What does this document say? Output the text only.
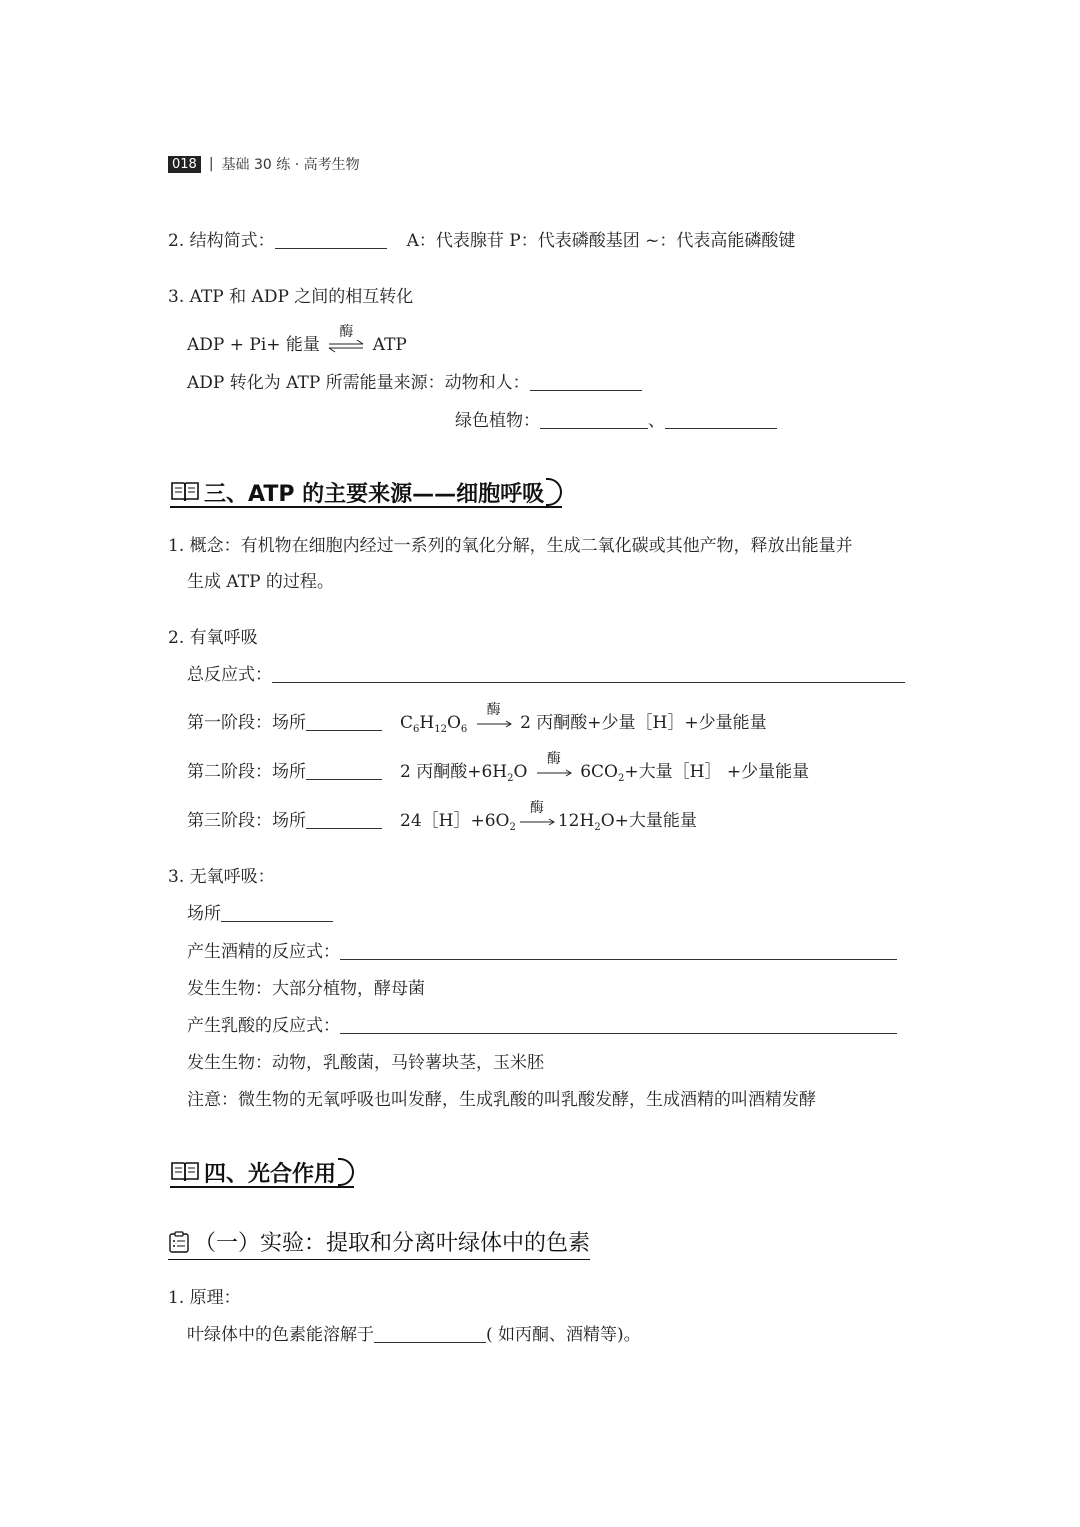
018 | 基础 30 练 · 高考生物
2. 结构简式：	A：代表腺苷 P：代表磷酸基团 ~：代表高能磷酸键
3. ATP 和 ADP 之间的相互转化
ADP + Pi+ 能量
酶
ATP
ADP 转化为 ATP 所需能量来源：动物和人：
绿色植物：	、
三、ATP 的主要来源——细胞呼吸
1. 概念：有机物在细胞内经过一系列的氧化分解，生成二氧化碳或其他产物，释放出能量并
生成 ATP 的过程。
2. 有氧呼吸
总反应式：
第一阶段：场所	$C_6H_{12}O_6$
酶
2 丙酮酸+少量［H］+少量能量
第二阶段：场所	2 丙酮酸$+6H_2O$
酶
$6CO_2+$大量［H］ +少量能量
第三阶段：场所	$24[H]+6O_2$
酶
$12H_2O+$大量能量
3. 无氧呼吸：
场所
产生酒精的反应式：
发生生物：大部分植物，酵母菌
产生乳酸的反应式：
发生生物：动物，乳酸菌，马铃薯块茎，玉米胚
注意：微生物的无氧呼吸也叫发酵，生成乳酸的叫乳酸发酵，生成酒精的叫酒精发酵
四、光合作用
（一）实验：提取和分离叶绿体中的色素
1. 原理：
叶绿体中的色素能溶解于	( 如丙酮、酒精等)。
